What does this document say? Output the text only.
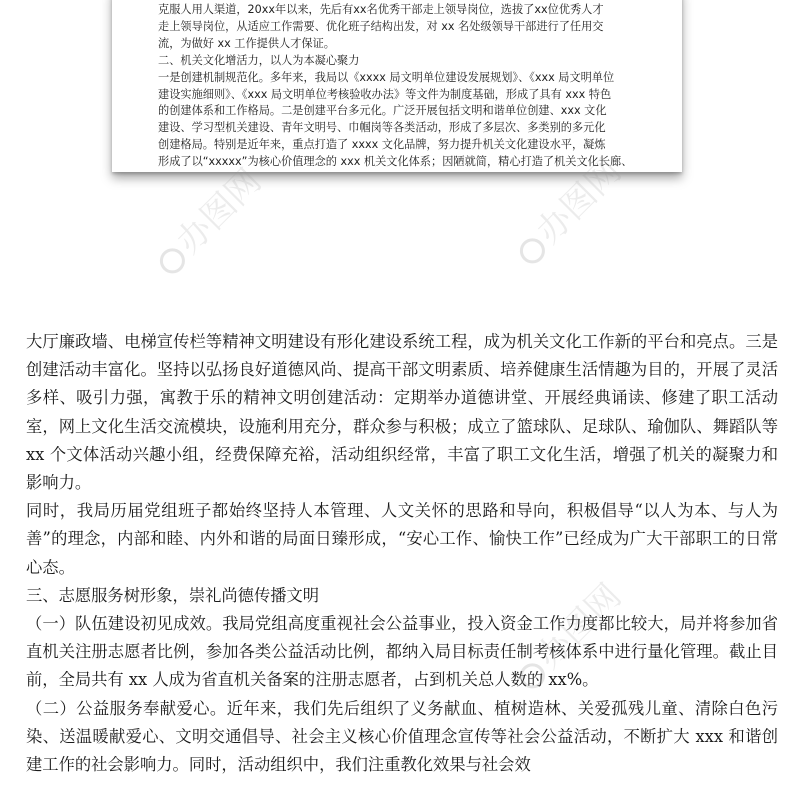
克服人用人渠道，20xx年以来，先后有xx名优秀干部走上领导岗位，选拔了xx位优秀人才

走上领导岗位，从适应工作需要、优化班子结构出发，对 xx 名处级领导干部进行了任用交

流，为做好 xx 工作提供人才保证。

二、机关文化增活力，以人为本凝心聚力

一是创建机制规范化。多年来，我局以《xxxx 局文明单位建设发展规划》、《xxx 局文明单位

建设实施细则》、《xxx 局文明单位考核验收办法》等文件为制度基础，形成了具有 xxx 特色

的创建体系和工作格局。二是创建平台多元化。广泛开展包括文明和谐单位创建、xxx 文化

建设、学习型机关建设、青年文明号、巾帼岗等各类活动，形成了多层次、多类别的多元化

创建格局。特别是近年来，重点打造了 xxxx 文化品牌，努力提升机关文化建设水平，凝炼

形成了以“xxxxx”为核心价值理念的 xxx 机关文化体系；因陋就简，精心打造了机关文化长廊、

大厅廉政墙、电梯宣传栏等精神文明建设有形化建设系统工程，成为机关文化工作新的平台和亮点。三是创建活动丰富化。坚持以弘扬良好道德风尚、提高干部文明素质、培养健康生活情趣为目的，开展了灵活多样、吸引力强，寓教于乐的精神文明创建活动：定期举办道德讲堂、开展经典诵读、修建了职工活动室，网上文化生活交流模块，设施利用充分，群众参与积极；成立了篮球队、足球队、瑜伽队、舞蹈队等 xx 个文体活动兴趣小组，经费保障充裕，活动组织经常，丰富了职工文化生活，增强了机关的凝聚力和影响力。

同时，我局历届党组班子都始终坚持人本管理、人文关怀的思路和导向，积极倡导“以人为本、与人为善”的理念，内部和睦、内外和谐的局面日臻形成，“安心工作、愉快工作”已经成为广大干部职工的日常心态。

三、志愿服务树形象，崇礼尚德传播文明

（一）队伍建设初见成效。我局党组高度重视社会公益事业，投入资金工作力度都比较大，局并将参加省直机关注册志愿者比例，参加各类公益活动比例，都纳入局目标责任制考核体系中进行量化管理。截止目前，全局共有 xx 人成为省直机关备案的注册志愿者，占到机关总人数的 xx%。

（二）公益服务奉献爱心。近年来，我们先后组织了义务献血、植树造林、关爱孤残儿童、清除白色污染、送温暖献爱心、文明交通倡导、社会主义核心价值理念宣传等社会公益活动，不断扩大 xxx 和谐创建工作的社会影响力。同时，活动组织中，我们注重教化效果与社会效

办图网
